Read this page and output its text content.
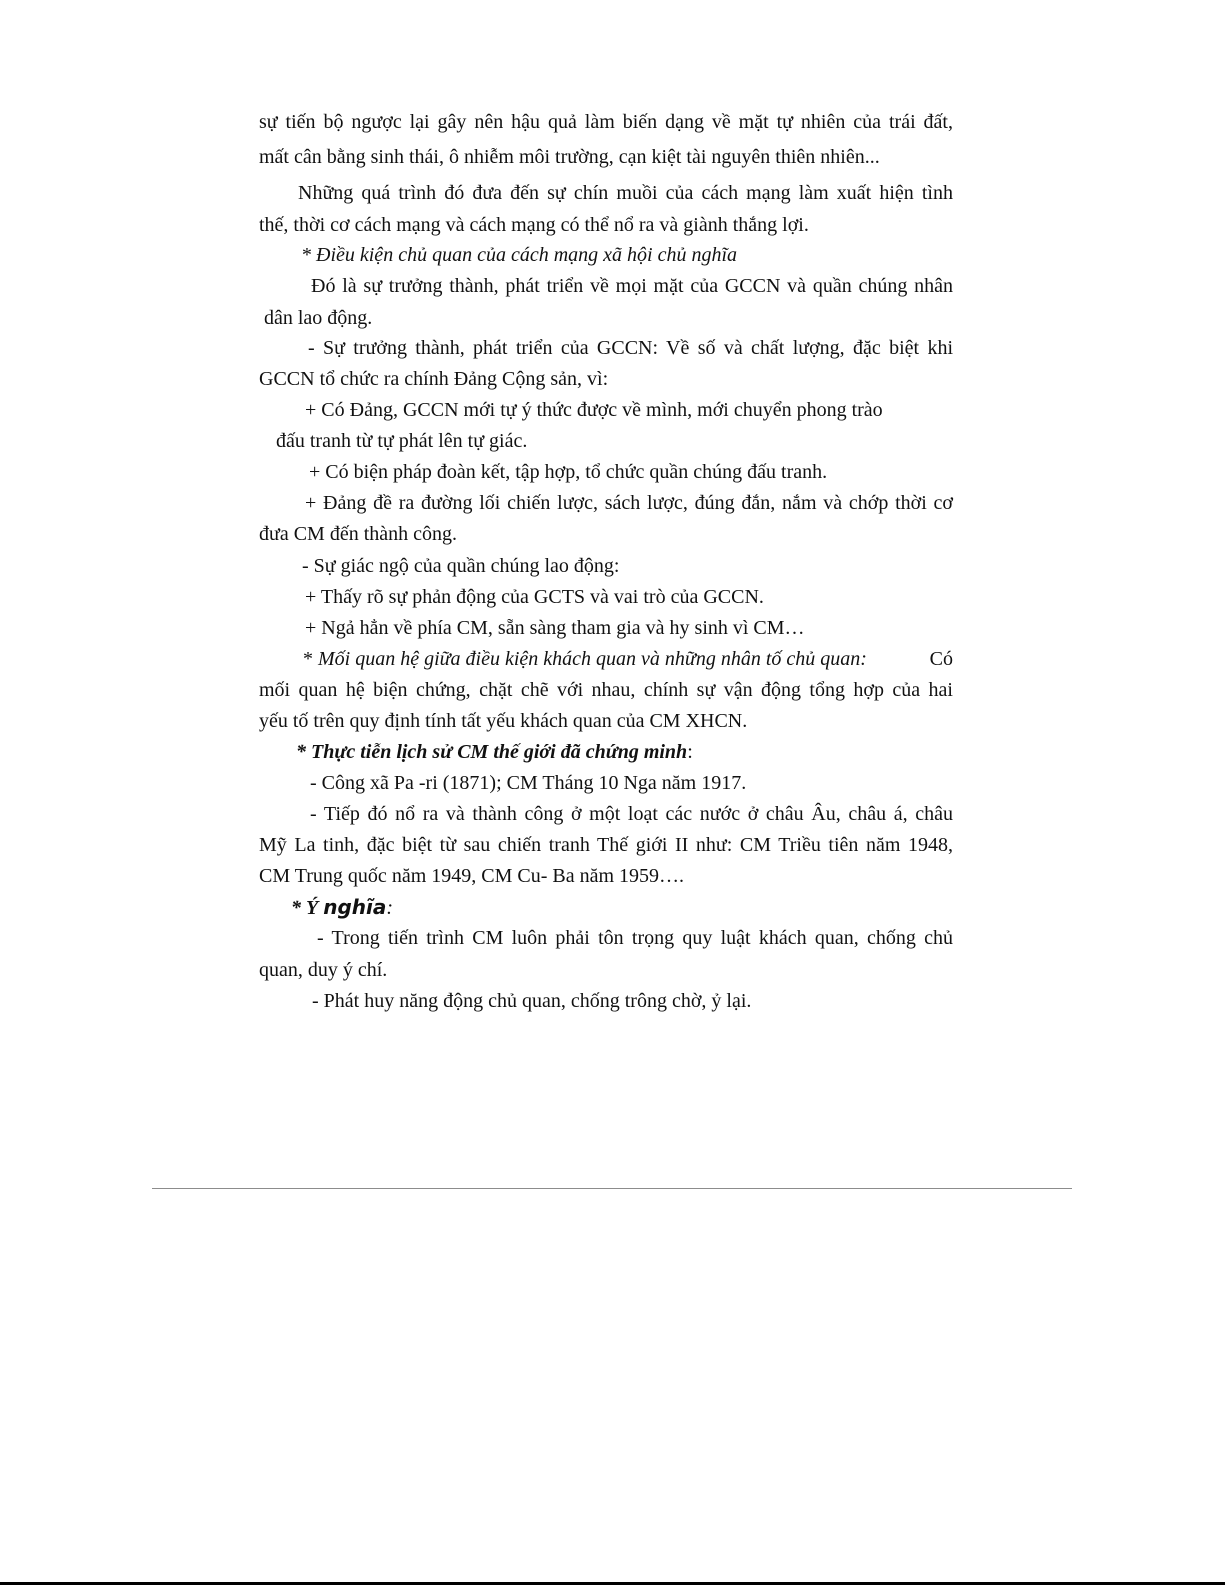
sự tiến bộ ngược lại gây nên hậu quả làm biến dạng về mặt tự nhiên của trái đất,
mất cân bằng sinh thái, ô nhiễm môi trường, cạn kiệt tài nguyên thiên nhiên...
Những quá trình đó đưa đến sự chín muồi của cách mạng làm xuất hiện tình
thế, thời cơ cách mạng và cách mạng có thể nổ ra và giành thắng lợi.
* Điều kiện chủ quan của cách mạng xã hội chủ nghĩa
Đó là sự trưởng thành, phát triển về mọi mặt của GCCN và quần chúng nhân
dân lao động.
- Sự trưởng thành, phát triển của GCCN: Về số và chất lượng, đặc biệt khi
GCCN tổ chức ra chính Đảng Cộng sản, vì:
+ Có Đảng, GCCN mới tự ý thức được về mình, mới chuyển phong trào
đấu tranh từ tự phát lên tự giác.
+ Có biện pháp đoàn kết, tập hợp, tổ chức quần chúng đấu tranh.
+ Đảng đề ra đường lối chiến lược, sách lược, đúng đắn, nắm và chớp thời cơ
đưa CM đến thành công.
- Sự giác ngộ của quần chúng lao động:
+ Thấy rõ sự phản động của GCTS và vai trò của GCCN.
+ Ngả hẳn về phía CM, sẵn sàng tham gia và hy sinh vì CM…
* Mối quan hệ giữa điều kiện khách quan và những nhân tố chủ quan:	Có
mối quan hệ biện chứng, chặt chẽ với nhau, chính sự vận động tổng hợp của hai
yếu tố trên quy định tính tất yếu khách quan của CM XHCN.
* Thực tiễn lịch sử CM thế giới đã chứng minh:
- Công xã Pa -ri (1871); CM Tháng 10 Nga năm 1917.
- Tiếp đó nổ ra và thành công ở một loạt các nước ở châu Âu, châu á, châu
Mỹ La tinh, đặc biệt từ sau chiến tranh Thế giới II như: CM Triều tiên năm 1948,
CM Trung quốc năm 1949, CM Cu- Ba năm 1959….
* Ý nghĩa:
- Trong tiến trình CM luôn phải tôn trọng quy luật khách quan, chống chủ
quan, duy ý chí.
- Phát huy năng động chủ quan, chống trông chờ, ỷ lại.
